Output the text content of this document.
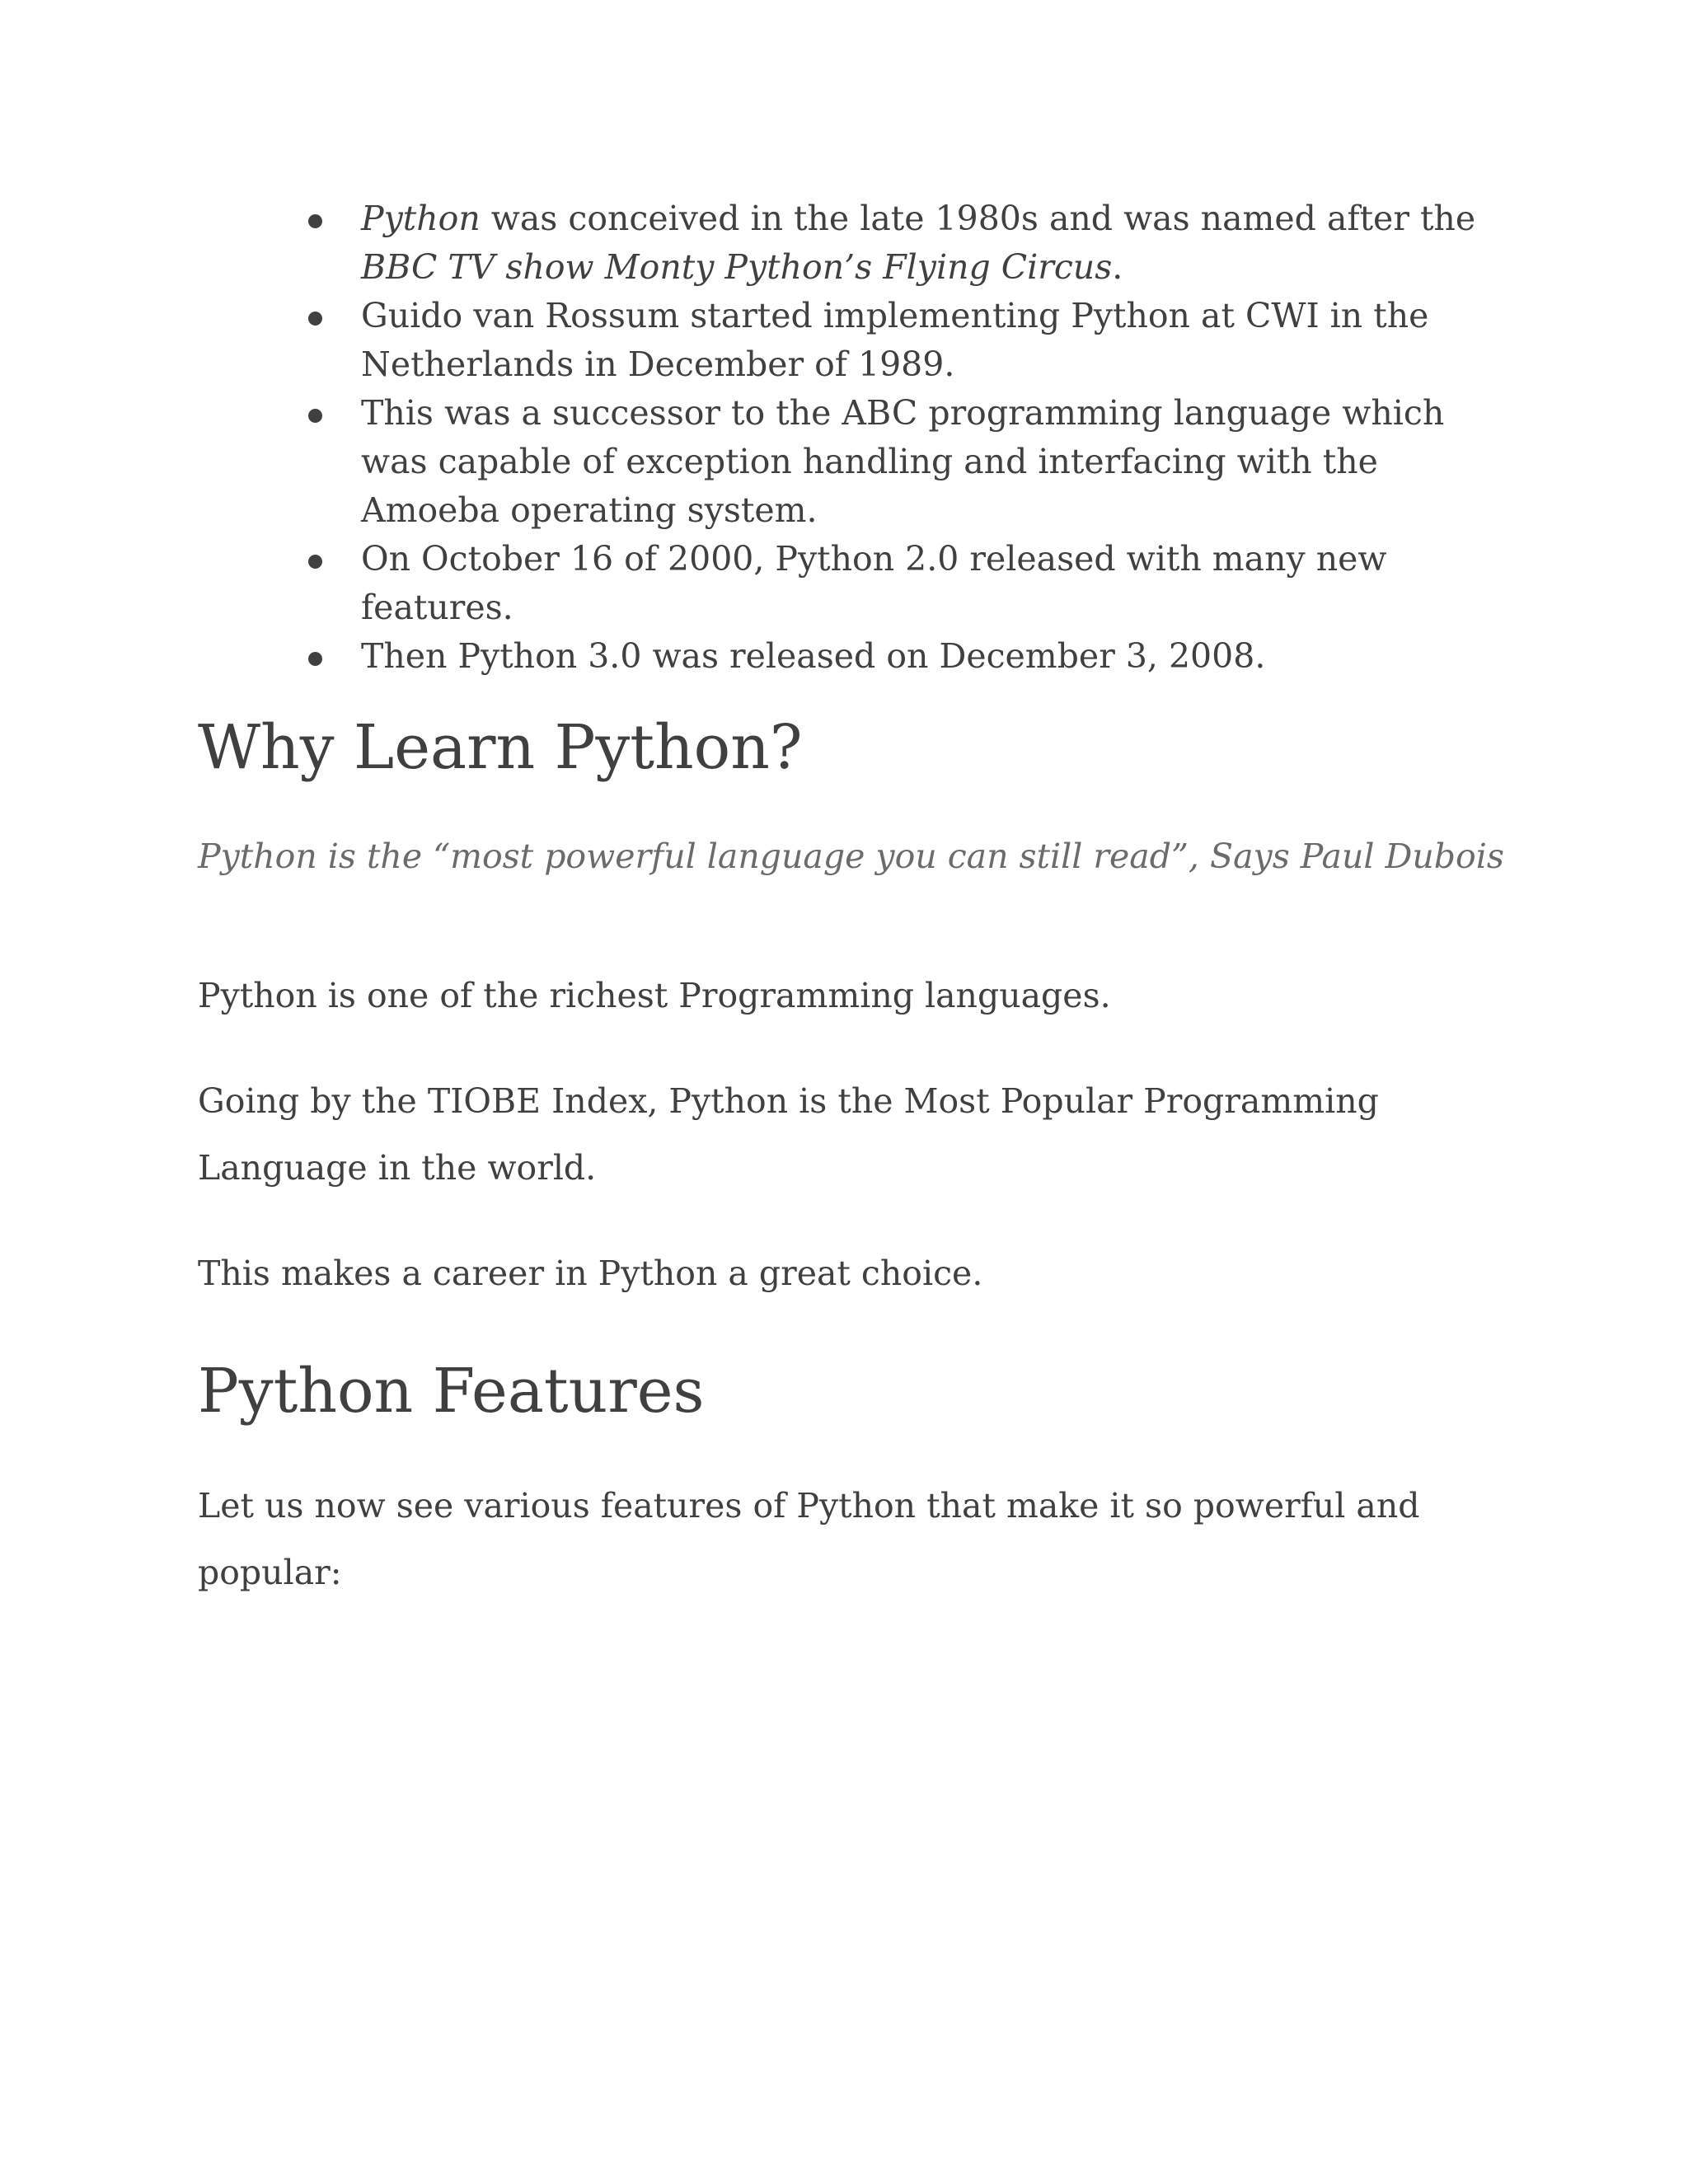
Python was conceived in the late 1980s and was named after the
BBC TV show Monty Python’s Flying Circus.
Guido van Rossum started implementing Python at CWI in the Netherlands in December of 1989.
This was a successor to the ABC programming language which was capable of exception handling and interfacing with the Amoeba operating system.
On October 16 of 2000, Python 2.0 released with many new features.
Then Python 3.0 was released on December 3, 2008.
Why Learn Python?

Python is the “most powerful language you can still read”, Says Paul Dubois

Python is one of the richest Programming languages.

Going by the TIOBE Index, Python is the Most Popular Programming Language in the world.

This makes a career in Python a great choice.

Python Features

Let us now see various features of Python that make it so powerful and popular:
